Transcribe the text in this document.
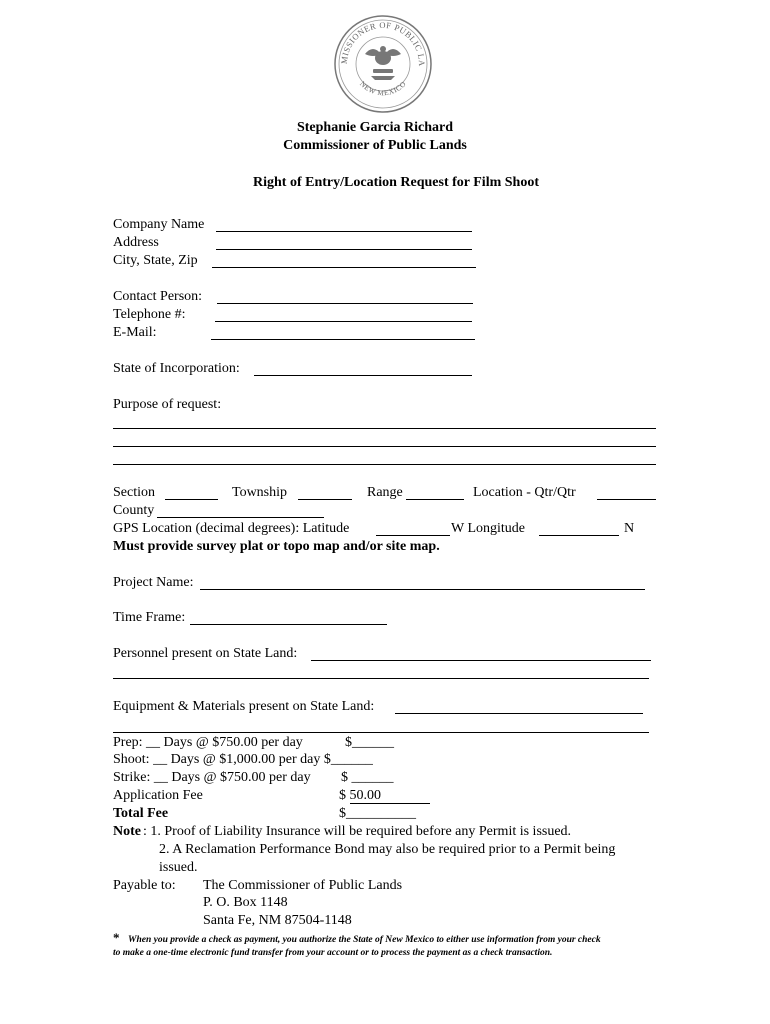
MISSIONER OF PUBLIC LA
NEW MEXICO
Stephanie Garcia Richard
Commissioner of Public Lands
Right of Entry/Location Request for Film Shoot
Company Name
Address
City, State, Zip
Contact Person:
Telephone #:
E-Mail:
State of Incorporation:
Purpose of request:
Section	Township	Range	Location - Qtr/Qtr
County
GPS Location (decimal degrees): Latitude	W Longitude	N
Must provide survey plat or topo map and/or site map.
Project Name:
Time Frame:
Personnel present on State Land:
Equipment & Materials present on State Land:
Prep: __ Days @ $750.00 per day	$______
Shoot: __ Days @ $1,000.00 per day $______
Strike: __ Days @ $750.00 per day $ ______
Application Fee	$ 50.00
Total Fee	$__________
Note : 1. Proof of Liability Insurance will be required before any Permit is issued.
2. A Reclamation Performance Bond may also be required prior to a Permit being
issued.
Payable to: The Commissioner of Public Lands
P. O. Box 1148
Santa Fe, NM 87504-1148
* When you provide a check as payment, you authorize the State of New Mexico to either use information from your check
to make a one-time electronic fund transfer from your account or to process the payment as a check transaction.
